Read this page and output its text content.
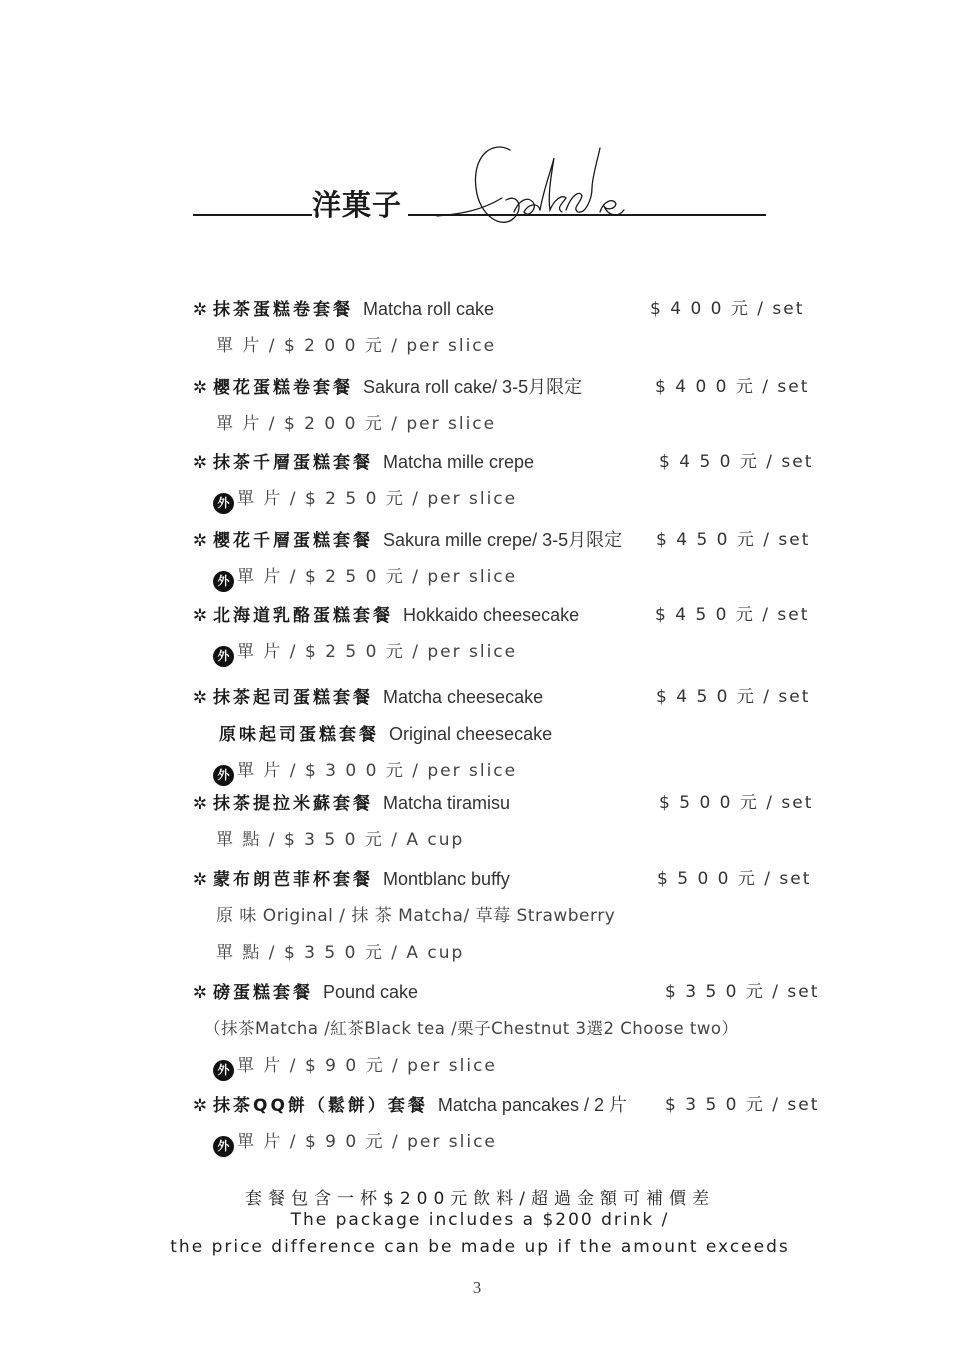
洋菓子
✲ 抹茶蛋糕卷套餐 Matcha roll cake	$ 4 0 0 元 / set
單 片 / $ 2 0 0 元 / per slice
✲ 櫻花蛋糕卷套餐 Sakura roll cake/ 3-5月限定	$ 4 0 0 元 / set
單 片 / $ 2 0 0 元 / per slice
✲ 抹茶千層蛋糕套餐 Matcha mille crepe	$ 4 5 0 元 / set
外 單 片 / $ 2 5 0 元 / per slice
✲ 櫻花千層蛋糕套餐 Sakura mille crepe/ 3-5月限定 $ 4 5 0 元 / set
外 單 片 / $ 2 5 0 元 / per slice
✲ 北海道乳酪蛋糕套餐 Hokkaido cheesecake	$ 4 5 0 元 / set
外 單 片 / $ 2 5 0 元 / per slice
✲ 抹茶起司蛋糕套餐 Matcha cheesecake	$ 4 5 0 元 / set
原味起司蛋糕套餐 Original cheesecake
外 單 片 / $ 3 0 0 元 / per slice
✲ 抹茶提拉米蘇套餐 Matcha tiramisu	$ 5 0 0 元 / set
單 點 / $ 3 5 0 元 / A cup
✲ 蒙布朗芭菲杯套餐 Montblanc buffy	$ 5 0 0 元 / set
原 味 Original / 抹 茶 Matcha/ 草莓 Strawberry
單 點 / $ 3 5 0 元 / A cup
✲ 磅蛋糕套餐 Pound cake	$ 3 5 0 元 / set
（抹茶Matcha /紅茶Black tea /栗子Chestnut 3選2 Choose two）
外 單 片 / $ 9 0 元 / per slice
✲ 抹茶QQ餅（鬆餅）套餐 Matcha pancakes / 2 片 $ 3 5 0 元 / set
外 單 片 / $ 9 0 元 / per slice
套餐包含一杯$200元飲料/超過金額可補價差
The package includes a $200 drink /
the price difference can be made up if the amount exceeds
3
